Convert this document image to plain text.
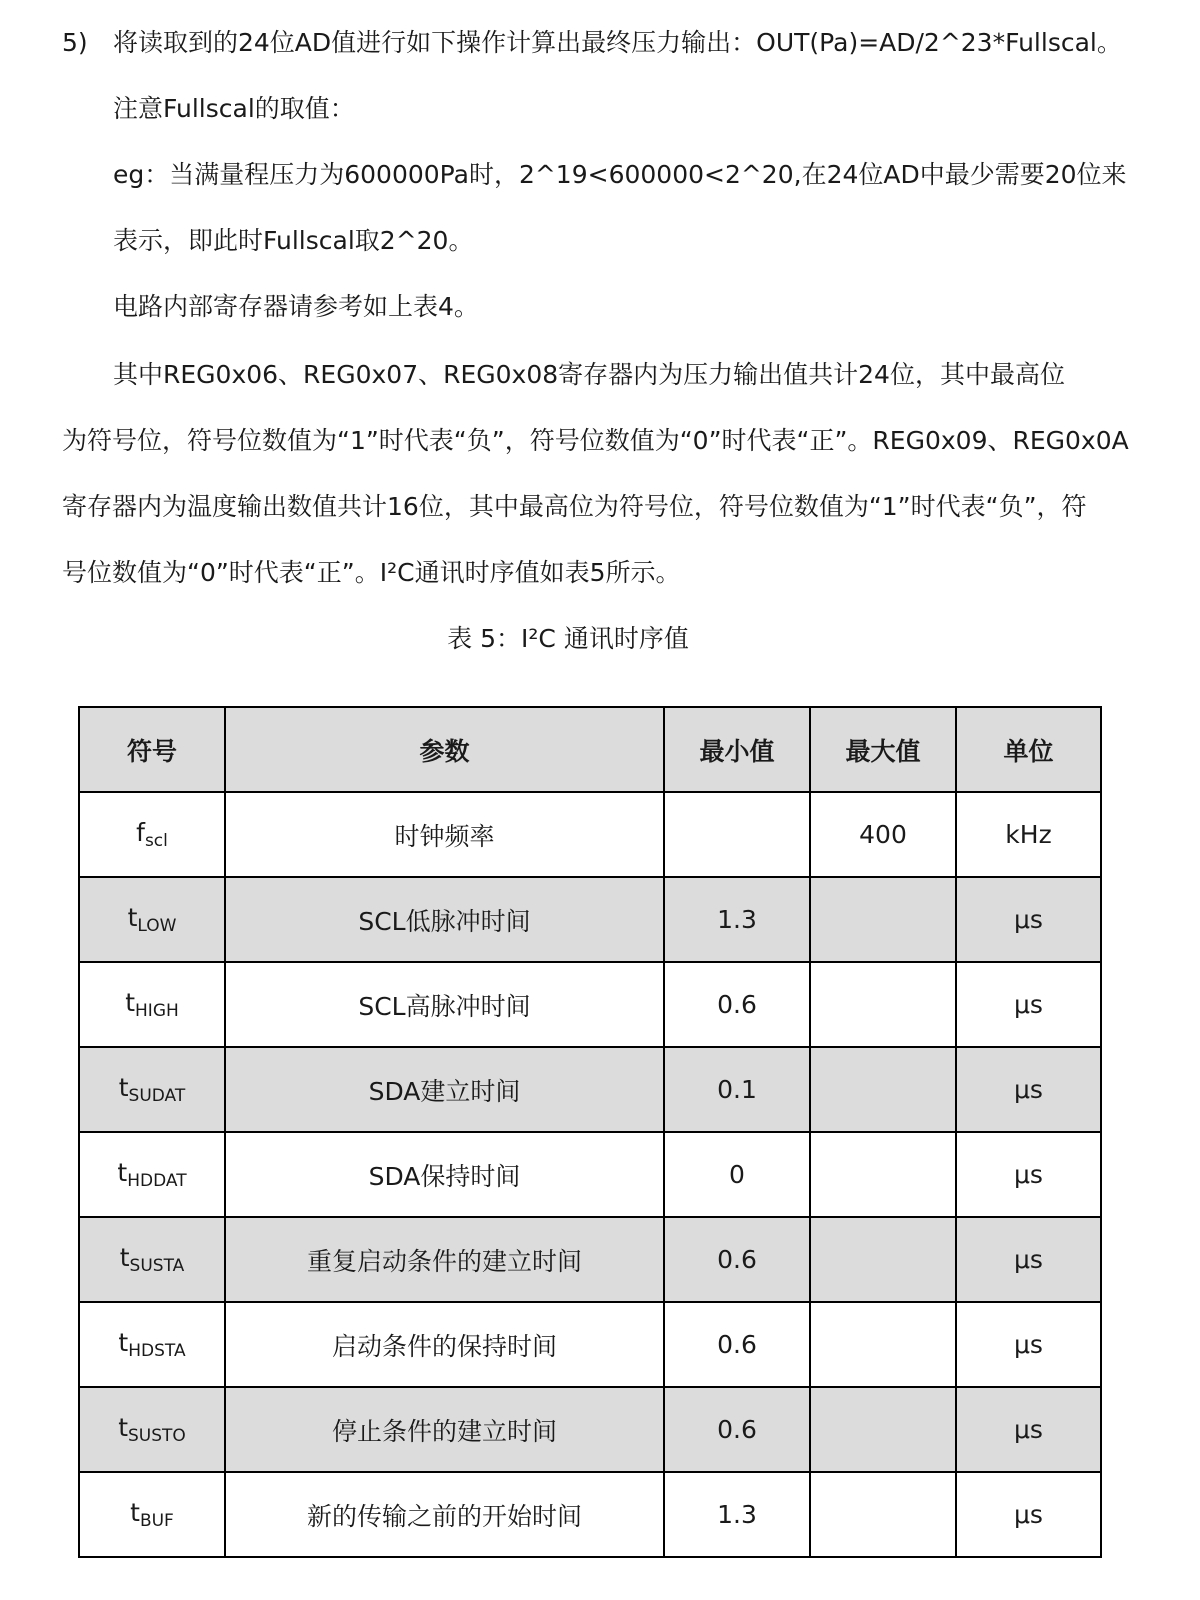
5) 将读取到的24位AD值进行如下操作计算出最终压力输出：OUT(Pa)=AD/2^23*Fullscal。
注意Fullscal的取值：
eg：当满量程压力为600000Pa时，2^19<600000<2^20,在24位AD中最少需要20位来
表示，即此时Fullscal取2^20。
电路内部寄存器请参考如上表4。
其中REG0x06、REG0x07、REG0x08寄存器内为压力输出值共计24位，其中最高位
为符号位，符号位数值为“1”时代表“负”，符号位数值为“0”时代表“正”。REG0x09、REG0x0A
寄存器内为温度输出数值共计16位，其中最高位为符号位，符号位数值为“1”时代表“负”，符
号位数值为“0”时代表“正”。I²C通讯时序值如表5所示。
表 5：I²C 通讯时序值
符号	参数	最小值	最大值	单位
$f_{scl}$	时钟频率		400	kHz
$t_{LOW}$	SCL低脉冲时间	1.3		μs
$t_{HIGH}$	SCL高脉冲时间	0.6		μs
$t_{SUDAT}$	SDA建立时间	0.1		μs
$t_{HDDAT}$	SDA保持时间	0		μs
$t_{SUSTA}$	重复启动条件的建立时间	0.6		μs
$t_{HDSTA}$	启动条件的保持时间	0.6		μs
$t_{SUSTO}$	停止条件的建立时间	0.6		μs
$t_{BUF}$	新的传输之前的开始时间	1.3		μs
